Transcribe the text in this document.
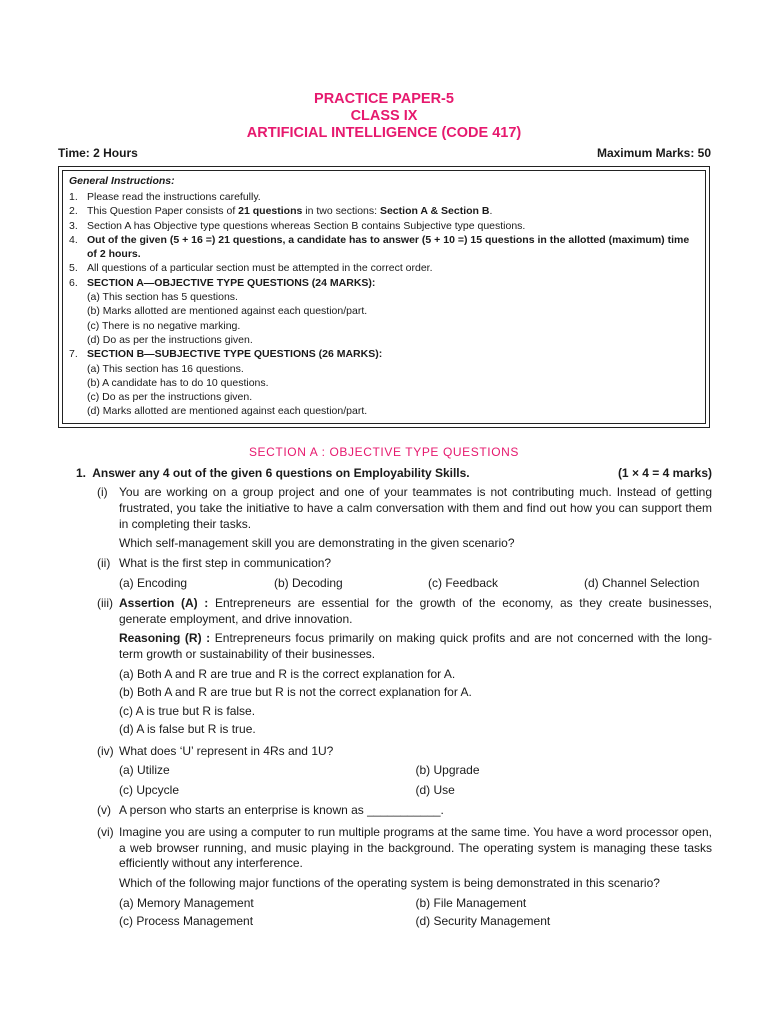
PRACTICE PAPER-5
CLASS IX
ARTIFICIAL INTELLIGENCE (CODE 417)
Time: 2 Hours	Maximum Marks: 50
General Instructions:
1. Please read the instructions carefully.
2. This Question Paper consists of 21 questions in two sections: Section A & Section B.
3. Section A has Objective type questions whereas Section B contains Subjective type questions.
4. Out of the given (5 + 16 =) 21 questions, a candidate has to answer (5 + 10 =) 15 questions in the allotted (maximum) time of 2 hours.
5. All questions of a particular section must be attempted in the correct order.
6. SECTION A—OBJECTIVE TYPE QUESTIONS (24 MARKS):
(a) This section has 5 questions.
(b) Marks allotted are mentioned against each question/part.
(c) There is no negative marking.
(d) Do as per the instructions given.
7. SECTION B—SUBJECTIVE TYPE QUESTIONS (26 MARKS):
(a) This section has 16 questions.
(b) A candidate has to do 10 questions.
(c) Do as per the instructions given.
(d) Marks allotted are mentioned against each question/part.
SECTION A : OBJECTIVE TYPE QUESTIONS
1.  Answer any 4 out of the given 6 questions on Employability Skills.	(1 × 4 = 4 marks)
(i) You are working on a group project and one of your teammates is not contributing much. Instead of getting frustrated, you take the initiative to have a calm conversation with them and find out how you can support them in completing their tasks.
Which self-management skill you are demonstrating in the given scenario?
(ii) What is the first step in communication?
(a) Encoding	(b) Decoding	(c) Feedback	(d) Channel Selection
(iii) Assertion (A) : Entrepreneurs are essential for the growth of the economy, as they create businesses, generate employment, and drive innovation.
Reasoning (R) : Entrepreneurs focus primarily on making quick profits and are not concerned with the long-term growth or sustainability of their businesses.
(a) Both A and R are true and R is the correct explanation for A.
(b) Both A and R are true but R is not the correct explanation for A.
(c) A is true but R is false.
(d) A is false but R is true.
(iv) What does ‘U’ represent in 4Rs and 1U?
(a) Utilize	(b) Upgrade
(c) Upcycle	(d) Use
(v) A person who starts an enterprise is known as ___________.
(vi) Imagine you are using a computer to run multiple programs at the same time. You have a word processor open, a web browser running, and music playing in the background. The operating system is managing these tasks efficiently without any interference.
Which of the following major functions of the operating system is being demonstrated in this scenario?
(a) Memory Management	(b) File Management
(c) Process Management	(d) Security Management
